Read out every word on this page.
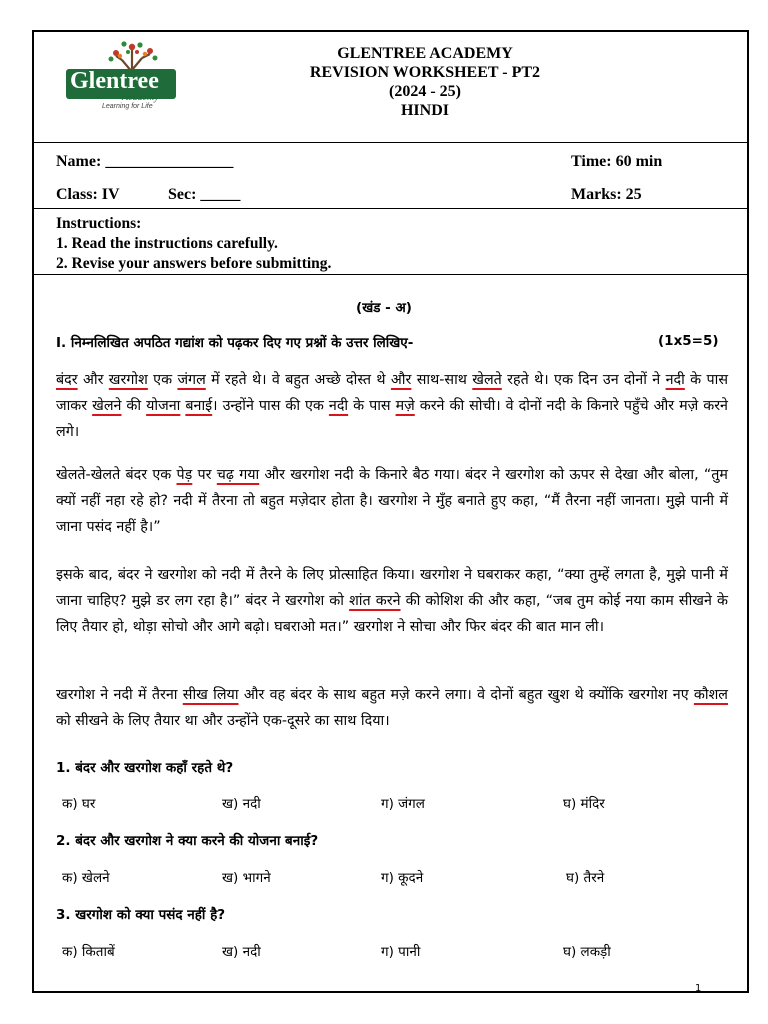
Glentree
Academy
Learning for Life
GLENTREE ACADEMY
REVISION WORKSHEET - PT2
(2024 - 25)
HINDI
Name: ________________	Time: 60 min
Class: IV	Sec: _____	Marks: 25
Instructions:
1. Read the instructions carefully.
2. Revise your answers before submitting.
(खंड - अ)
I. निम्नलिखित अपठित गद्यांश को पढ़कर दिए गए प्रश्नों के उत्तर लिखिए-	(1x5=5)
बंदर और खरगोश एक जंगल में रहते थे। वे बहुत अच्छे दोस्त थे और साथ-साथ खेलते रहते थे। एक दिन उन दोनों ने नदी के पास जाकर खेलने की योजना बनाई। उन्होंने पास की एक नदी के पास मज़े करने की सोची। वे दोनों नदी के किनारे पहुँचे और मज़े करने लगे।
खेलते-खेलते बंदर एक पेड़ पर चढ़ गया और खरगोश नदी के किनारे बैठ गया। बंदर ने खरगोश को ऊपर से देखा और बोला, “तुम क्यों नहीं नहा रहे हो? नदी में तैरना तो बहुत मज़ेदार होता है। खरगोश ने मुँह बनाते हुए कहा, “मैं तैरना नहीं जानता। मुझे पानी में जाना पसंद नहीं है।”
इसके बाद, बंदर ने खरगोश को नदी में तैरने के लिए प्रोत्साहित किया। खरगोश ने घबराकर कहा, “क्या तुम्हें लगता है, मुझे पानी में जाना चाहिए? मुझे डर लग रहा है।” बंदर ने खरगोश को शांत करने की कोशिश की और कहा, “जब तुम कोई नया काम सीखने के लिए तैयार हो, थोड़ा सोचो और आगे बढ़ो। घबराओ मत।” खरगोश ने सोचा और फिर बंदर की बात मान ली।
खरगोश ने नदी में तैरना सीख लिया और वह बंदर के साथ बहुत मज़े करने लगा। वे दोनों बहुत खुश थे क्योंकि खरगोश नए कौशल को सीखने के लिए तैयार था और उन्होंने एक-दूसरे का साथ दिया।
1. बंदर और खरगोश कहाँ रहते थे?
क) घर	ख) नदी	ग) जंगल	घ) मंदिर
2. बंदर और खरगोश ने क्या करने की योजना बनाई?
क) खेलने	ख) भागने	ग) कूदने	घ) तैरने
3. खरगोश को क्या पसंद नहीं है?
क) किताबें	ख) नदी	ग) पानी	घ) लकड़ी
1
